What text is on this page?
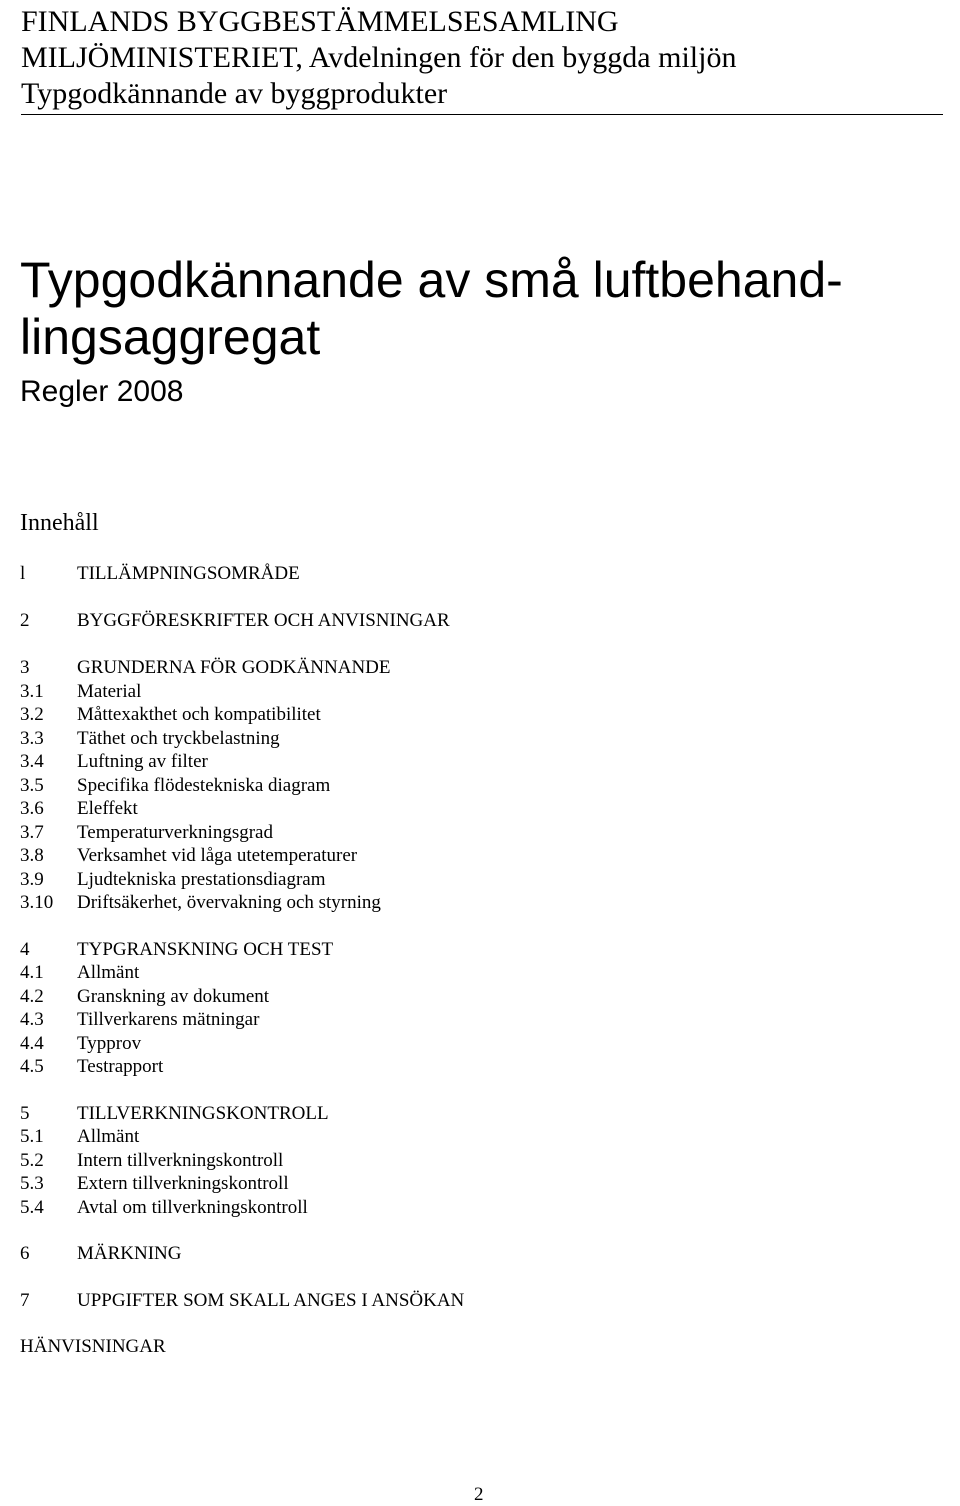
FINLANDS BYGGBESTÄMMELSESAMLING
MILJÖMINISTERIET, Avdelningen för den byggda miljön
Typgodkännande av byggprodukter
Typgodkännande av små luftbehand-
lingsaggregat
Regler 2008
Innehåll
l	TILLÄMPNINGSOMRÅDE
2	BYGGFÖRESKRIFTER OCH ANVISNINGAR
3	GRUNDERNA FÖR GODKÄNNANDE
3.1 Material
3.2 Måttexakthet och kompatibilitet
3.3 Täthet och tryckbelastning
3.4 Luftning av filter
3.5 Specifika flödestekniska diagram
3.6 Eleffekt
3.7 Temperaturverkningsgrad
3.8 Verksamhet vid låga utetemperaturer
3.9 Ljudtekniska prestationsdiagram
3.10 Driftsäkerhet, övervakning och styrning
4	TYPGRANSKNING OCH TEST
4.1 Allmänt
4.2 Granskning av dokument
4.3 Tillverkarens mätningar
4.4 Typprov
4.5 Testrapport
5	TILLVERKNINGSKONTROLL
5.1 Allmänt
5.2 Intern tillverkningskontroll
5.3 Extern tillverkningskontroll
5.4 Avtal om tillverkningskontroll
6	MÄRKNING
7	UPPGIFTER SOM SKALL ANGES I ANSÖKAN
HÄNVISNINGAR
2
